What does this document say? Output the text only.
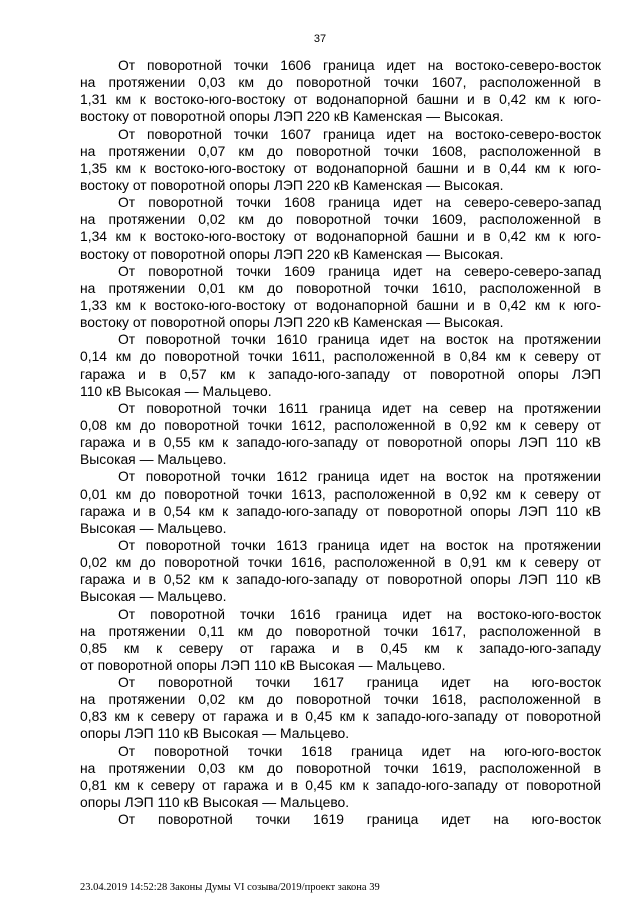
37
От поворотной точки 1606 граница идет на востоко-северо-восток
на протяжении 0,03 км до поворотной точки 1607, расположенной в
1,31 км к востоко-юго-востоку от водонапорной башни и в 0,42 км к юго-
востоку от поворотной опоры ЛЭП 220 кВ Каменская — Высокая.
От поворотной точки 1607 граница идет на востоко-северо-восток
на протяжении 0,07 км до поворотной точки 1608, расположенной в
1,35 км к востоко-юго-востоку от водонапорной башни и в 0,44 км к юго-
востоку от поворотной опоры ЛЭП 220 кВ Каменская — Высокая.
От поворотной точки 1608 граница идет на северо-северо-запад
на протяжении 0,02 км до поворотной точки 1609, расположенной в
1,34 км к востоко-юго-востоку от водонапорной башни и в 0,42 км к юго-
востоку от поворотной опоры ЛЭП 220 кВ Каменская — Высокая.
От поворотной точки 1609 граница идет на северо-северо-запад
на протяжении 0,01 км до поворотной точки 1610, расположенной в
1,33 км к востоко-юго-востоку от водонапорной башни и в 0,42 км к юго-
востоку от поворотной опоры ЛЭП 220 кВ Каменская — Высокая.
От поворотной точки 1610 граница идет на восток на протяжении
0,14 км до поворотной точки 1611, расположенной в 0,84 км к северу от
гаража и в 0,57 км к западо-юго-западу от поворотной опоры ЛЭП
110 кВ Высокая — Мальцево.
От поворотной точки 1611 граница идет на север на протяжении
0,08 км до поворотной точки 1612, расположенной в 0,92 км к северу от
гаража и в 0,55 км к западо-юго-западу от поворотной опоры ЛЭП 110 кВ
Высокая — Мальцево.
От поворотной точки 1612 граница идет на восток на протяжении
0,01 км до поворотной точки 1613, расположенной в 0,92 км к северу от
гаража и в 0,54 км к западо-юго-западу от поворотной опоры ЛЭП 110 кВ
Высокая — Мальцево.
От поворотной точки 1613 граница идет на восток на протяжении
0,02 км до поворотной точки 1616, расположенной в 0,91 км к северу от
гаража и в 0,52 км к западо-юго-западу от поворотной опоры ЛЭП 110 кВ
Высокая — Мальцево.
От поворотной точки 1616 граница идет на востоко-юго-восток
на протяжении 0,11 км до поворотной точки 1617, расположенной в
0,85 км к северу от гаража и в 0,45 км к западо-юго-западу
от поворотной опоры ЛЭП 110 кВ Высокая — Мальцево.
От поворотной точки 1617 граница идет на юго-восток
на протяжении 0,02 км до поворотной точки 1618, расположенной в
0,83 км к северу от гаража и в 0,45 км к западо-юго-западу от поворотной
опоры ЛЭП 110 кВ Высокая — Мальцево.
От поворотной точки 1618 граница идет на юго-юго-восток
на протяжении 0,03 км до поворотной точки 1619, расположенной в
0,81 км к северу от гаража и в 0,45 км к западо-юго-западу от поворотной
опоры ЛЭП 110 кВ Высокая — Мальцево.
От поворотной точки 1619 граница идет на юго-восток
23.04.2019 14:52:28 Законы Думы VI созыва/2019/проект закона 39
